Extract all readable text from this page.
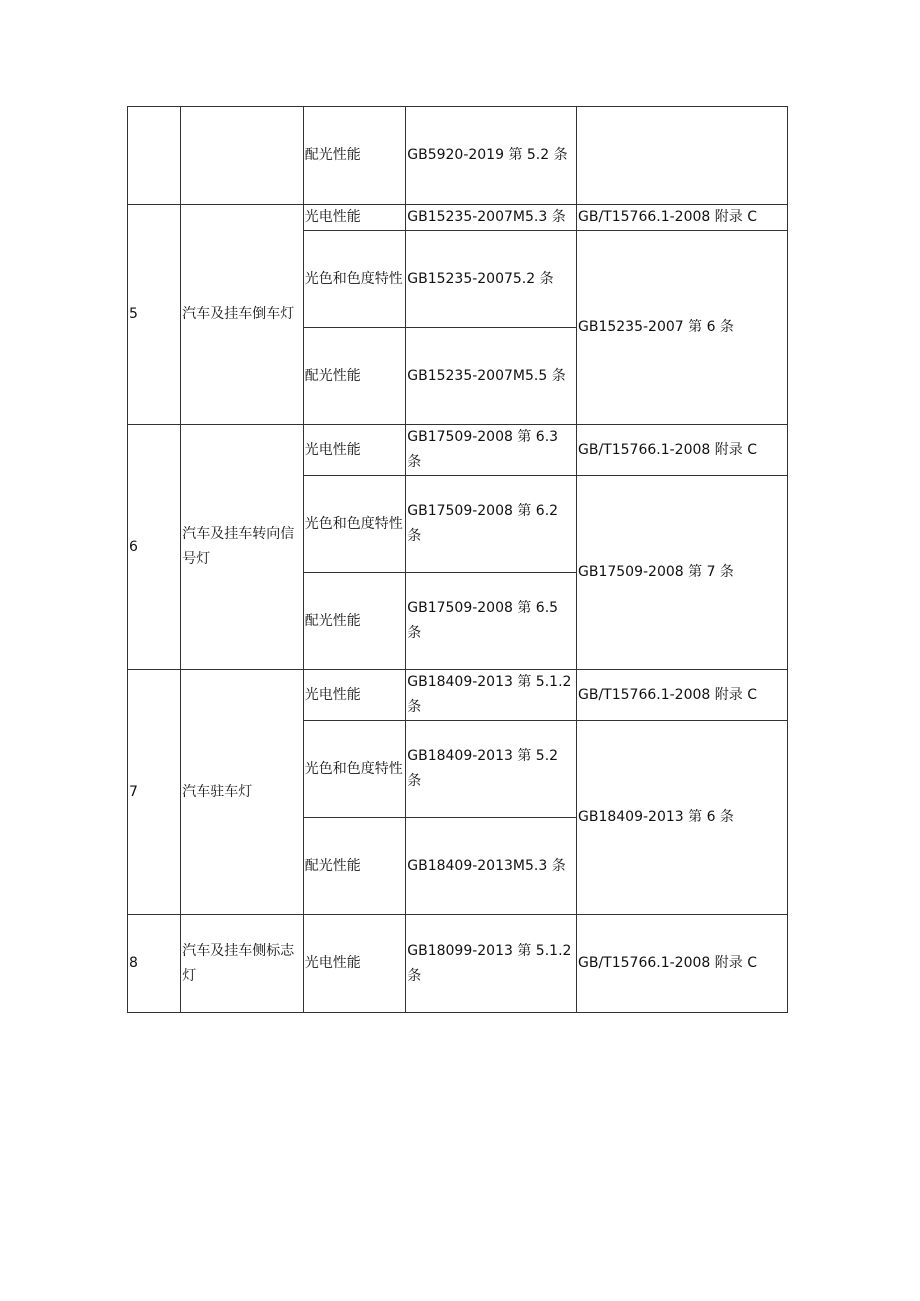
		配光性能	GB5920-2019 第 5.2 条	
5	汽车及挂车倒车灯	光电性能	GB15235-2007M5.3 条	GB/T15766.1-2008 附录 C
		光色和色度特性	GB15235-20075.2 条	GB15235-2007 第 6 条
		配光性能	GB15235-2007M5.5 条	
6	汽车及挂车转向信号灯	光电性能	GB17509-2008 第 6.3 条	GB/T15766.1-2008 附录 C
		光色和色度特性	GB17509-2008 第 6.2 条	GB17509-2008 第 7 条
		配光性能	GB17509-2008 第 6.5 条	
7	汽车驻车灯	光电性能	GB18409-2013 第 5.1.2 条	GB/T15766.1-2008 附录 C
		光色和色度特性	GB18409-2013 第 5.2 条	GB18409-2013 第 6 条
		配光性能	GB18409-2013M5.3 条	
8	汽车及挂车侧标志灯	光电性能	GB18099-2013 第 5.1.2 条	GB/T15766.1-2008 附录 C
